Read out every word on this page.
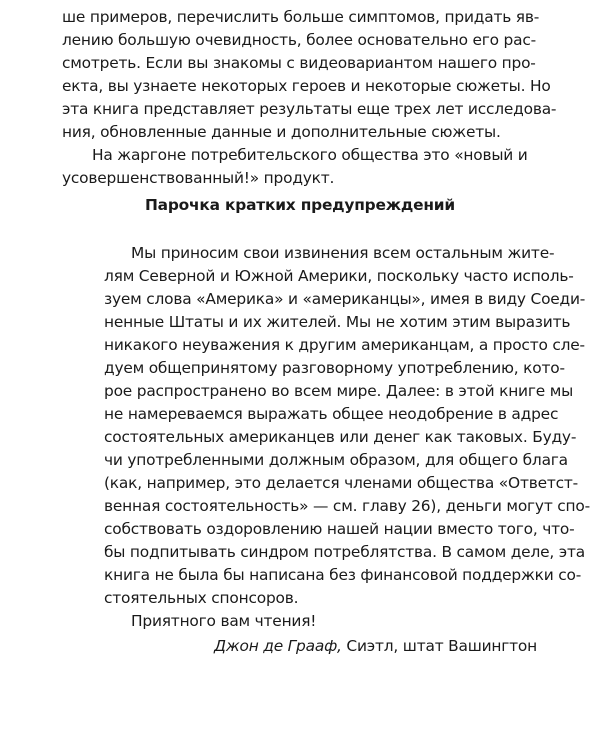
ше примеров, перечислить больше симптомов, придать яв-
лению большую очевидность, более основательно его рас-
смотреть. Если вы знакомы с видеовариантом нашего про-
екта, вы узнаете некоторых героев и некоторые сюжеты. Но
эта книга представляет результаты еще трех лет исследова-
ния, обновленные данные и дополнительные сюжеты.
На жаргоне потребительского общества это «новый и
усовершенствованный!» продукт.
Парочка кратких предупреждений
Мы приносим свои извинения всем остальным жите-
лям Северной и Южной Америки, поскольку часто исполь-
зуем слова «Америка» и «американцы», имея в виду Соеди-
ненные Штаты и их жителей. Мы не хотим этим выразить
никакого неуважения к другим американцам, а просто сле-
дуем общепринятому разговорному употреблению, кото-
рое распространено во всем мире. Далее: в этой книге мы
не намереваемся выражать общее неодобрение в адрес
состоятельных американцев или денег как таковых. Буду-
чи употребленными должным образом, для общего блага
(как, например, это делается членами общества «Ответст-
венная состоятельность» — см. главу 26), деньги могут спо-
собствовать оздоровлению нашей нации вместо того, что-
бы подпитывать синдром потреблятства. В самом деле, эта
книга не была бы написана без финансовой поддержки со-
стоятельных спонсоров.
Приятного вам чтения!
Джон де Грааф, Сиэтл, штат Вашингтон
